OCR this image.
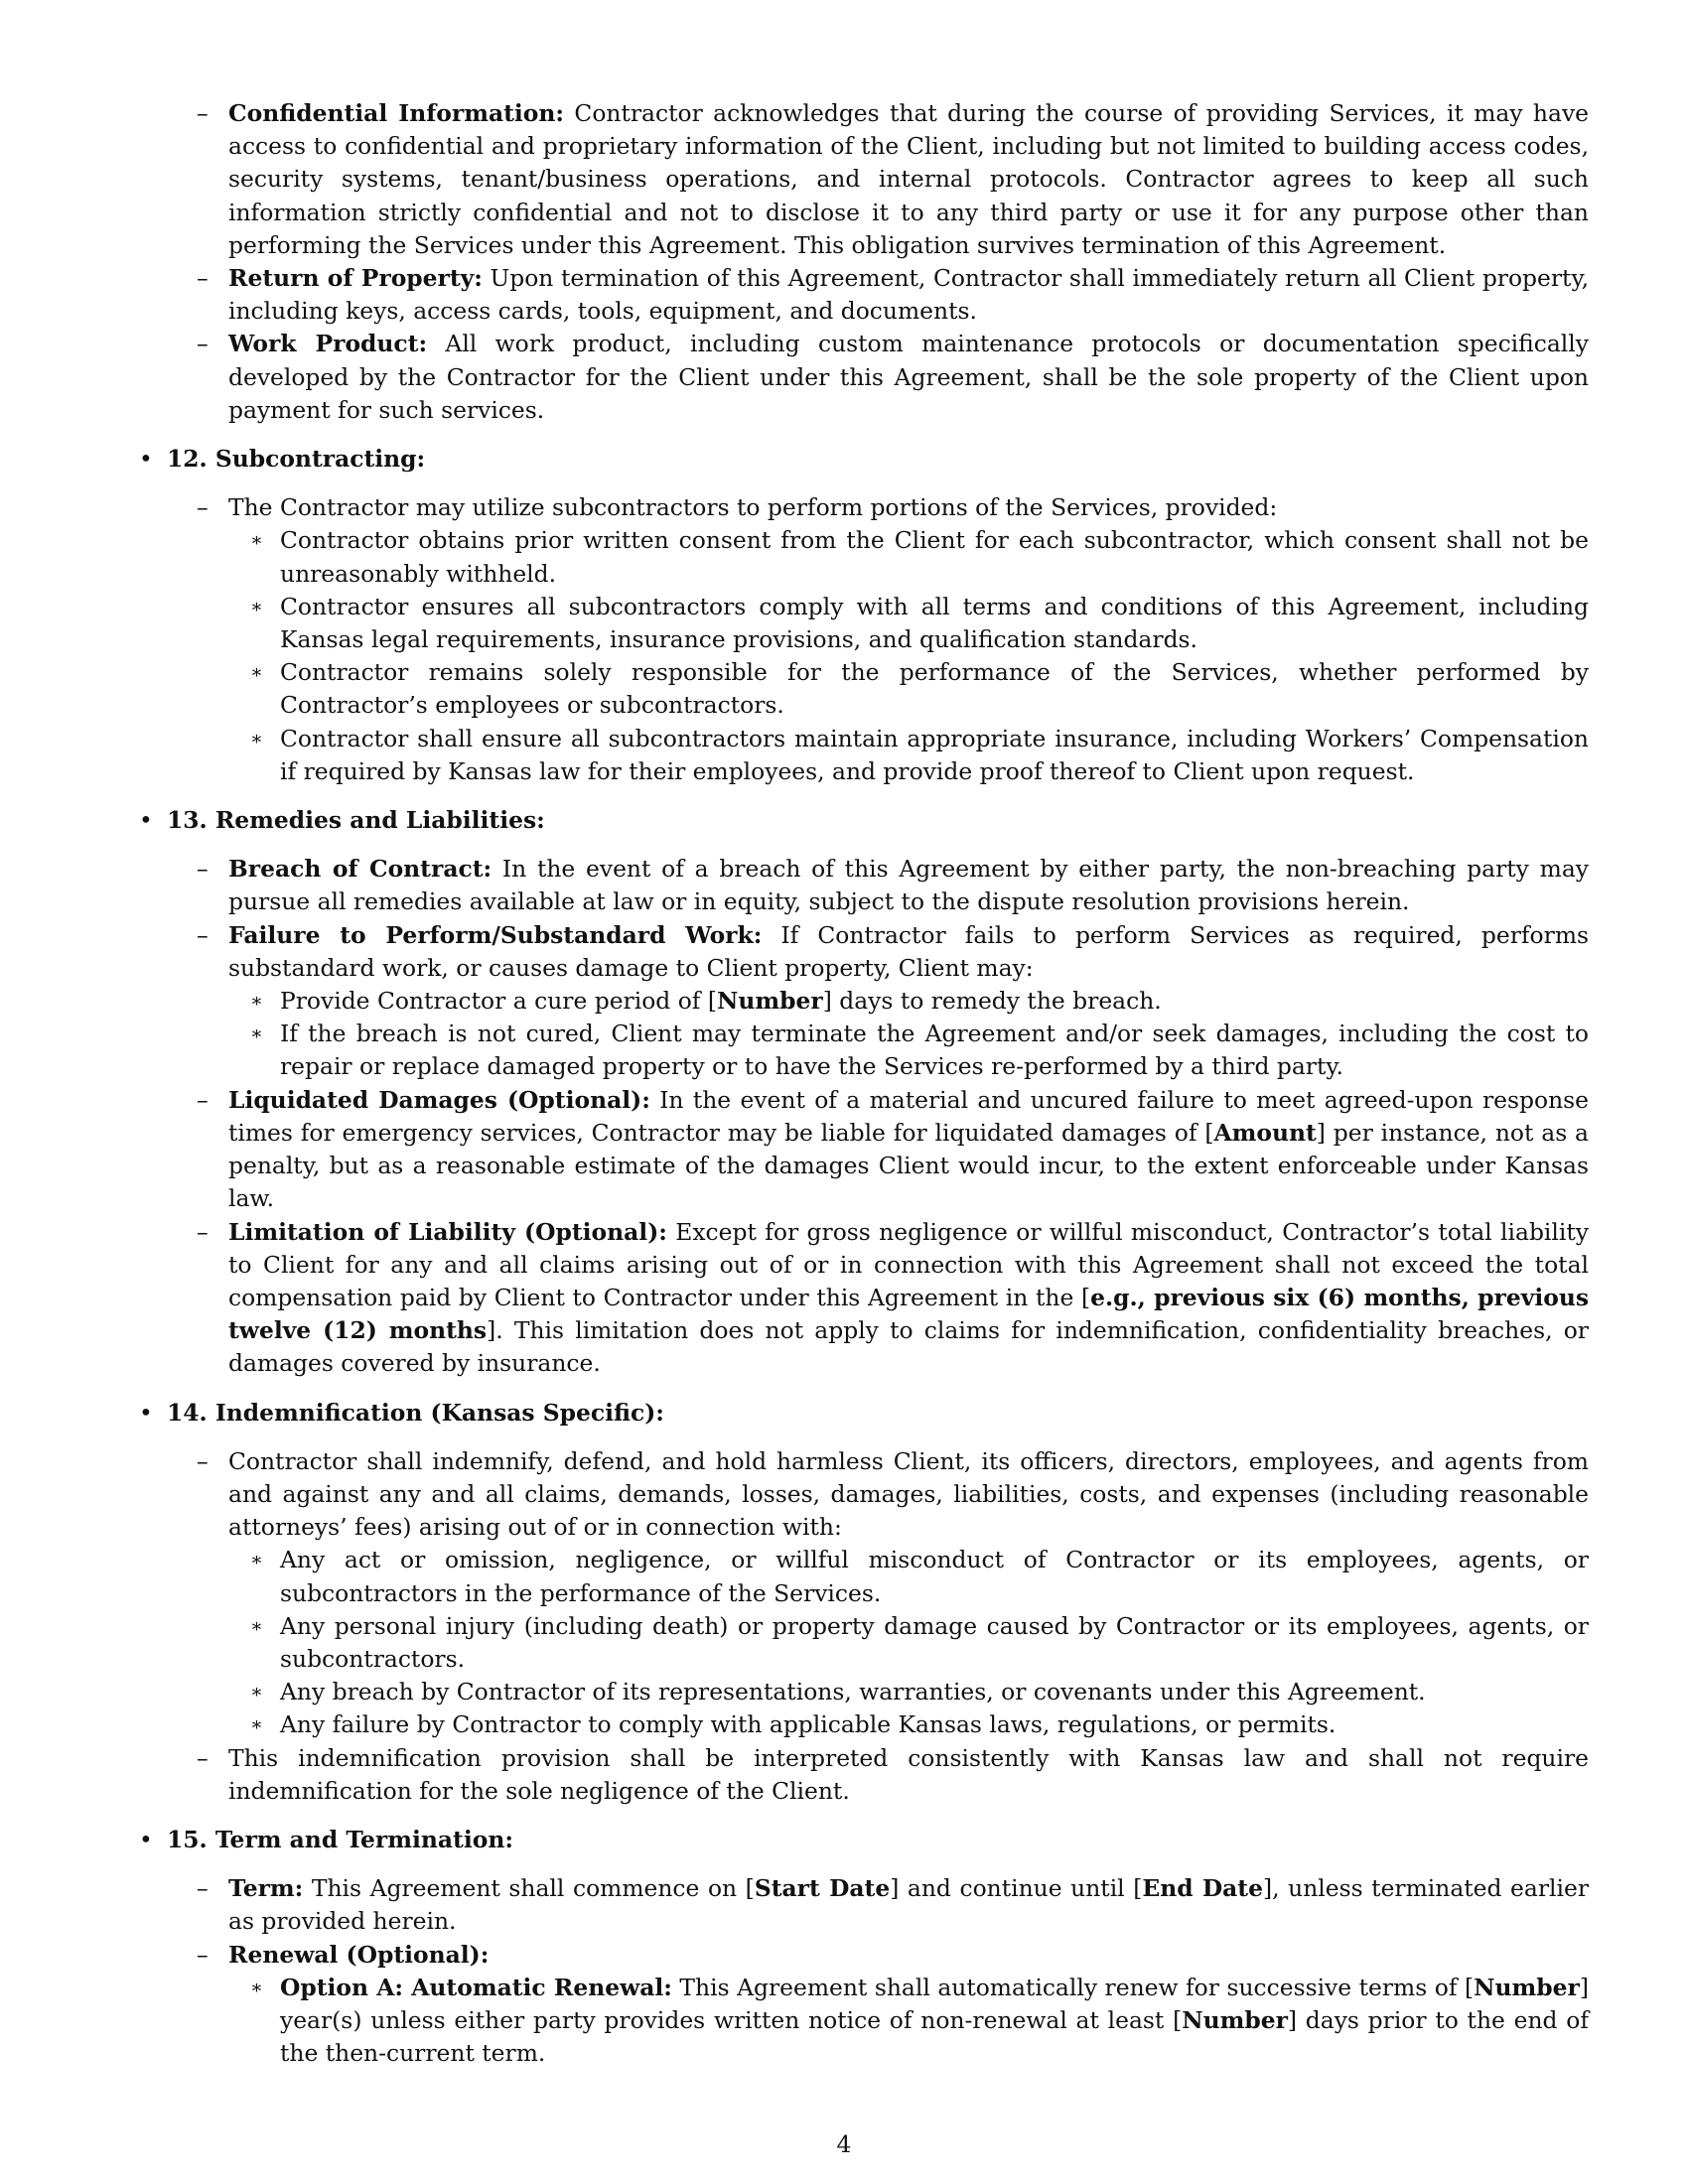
– Confidential Information: Contractor acknowledges that during the course of providing Services, it may have access to confidential and proprietary information of the Client, including but not limited to building access codes, security systems, tenant/business operations, and internal protocols. Contractor agrees to keep all such information strictly confidential and not to disclose it to any third party or use it for any purpose other than performing the Services under this Agreement. This obligation survives termination of this Agreement.
– Return of Property: Upon termination of this Agreement, Contractor shall immediately return all Client property, including keys, access cards, tools, equipment, and documents.
– Work Product: All work product, including custom maintenance protocols or documentation specifically developed by the Contractor for the Client under this Agreement, shall be the sole property of the Client upon payment for such services.
• 12. Subcontracting:
– The Contractor may utilize subcontractors to perform portions of the Services, provided:
∗ Contractor obtains prior written consent from the Client for each subcontractor, which consent shall not be unreasonably withheld.
∗ Contractor ensures all subcontractors comply with all terms and conditions of this Agreement, including Kansas legal requirements, insurance provisions, and qualification standards.
∗ Contractor remains solely responsible for the performance of the Services, whether performed by Contractor’s employees or subcontractors.
∗ Contractor shall ensure all subcontractors maintain appropriate insurance, including Workers’ Compensation if required by Kansas law for their employees, and provide proof thereof to Client upon request.
• 13. Remedies and Liabilities:
– Breach of Contract: In the event of a breach of this Agreement by either party, the non-breaching party may pursue all remedies available at law or in equity, subject to the dispute resolution provisions herein.
– Failure to Perform/Substandard Work: If Contractor fails to perform Services as required, performs substandard work, or causes damage to Client property, Client may:
∗ Provide Contractor a cure period of [Number] days to remedy the breach.
∗ If the breach is not cured, Client may terminate the Agreement and/or seek damages, including the cost to repair or replace damaged property or to have the Services re-performed by a third party.
– Liquidated Damages (Optional): In the event of a material and uncured failure to meet agreed-upon response times for emergency services, Contractor may be liable for liquidated damages of [Amount] per instance, not as a penalty, but as a reasonable estimate of the damages Client would incur, to the extent enforceable under Kansas law.
– Limitation of Liability (Optional): Except for gross negligence or willful misconduct, Contractor’s total liability to Client for any and all claims arising out of or in connection with this Agreement shall not exceed the total compensation paid by Client to Contractor under this Agreement in the [e.g., previous six (6) months, previous twelve (12) months]. This limitation does not apply to claims for indemnification, confidentiality breaches, or damages covered by insurance.
• 14. Indemnification (Kansas Specific):
– Contractor shall indemnify, defend, and hold harmless Client, its officers, directors, employees, and agents from and against any and all claims, demands, losses, damages, liabilities, costs, and expenses (including reasonable attorneys’ fees) arising out of or in connection with:
∗ Any act or omission, negligence, or willful misconduct of Contractor or its employees, agents, or subcontractors in the performance of the Services.
∗ Any personal injury (including death) or property damage caused by Contractor or its employees, agents, or subcontractors.
∗ Any breach by Contractor of its representations, warranties, or covenants under this Agreement.
∗ Any failure by Contractor to comply with applicable Kansas laws, regulations, or permits.
– This indemnification provision shall be interpreted consistently with Kansas law and shall not require indemnification for the sole negligence of the Client.
• 15. Term and Termination:
– Term: This Agreement shall commence on [Start Date] and continue until [End Date], unless terminated earlier as provided herein.
– Renewal (Optional):
∗ Option A: Automatic Renewal: This Agreement shall automatically renew for successive terms of [Number] year(s) unless either party provides written notice of non-renewal at least [Number] days prior to the end of the then-current term.
4
